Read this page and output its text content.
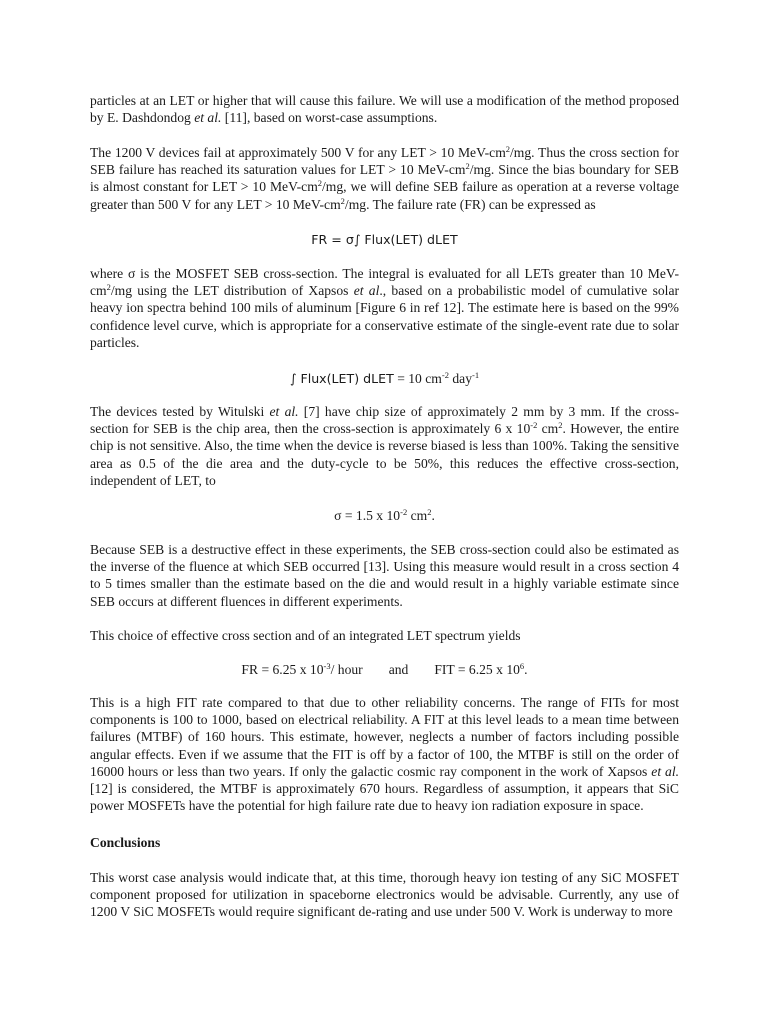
particles at an LET or higher that will cause this failure. We will use a modification of the method proposed by E. Dashdondog et al. [11], based on worst-case assumptions.

The 1200 V devices fail at approximately 500 V for any LET > 10 MeV-$cm^2/mg$. Thus the cross section for SEB failure has reached its saturation values for LET > 10 MeV-$cm^2/mg$. Since the bias boundary for SEB is almost constant for LET > 10 MeV-$cm^2/mg$, we will define SEB failure as operation at a reverse voltage greater than 500 V for any LET > 10 MeV-$cm^2/mg$. The failure rate (FR) can be expressed as

FR = σ∫ Flux(LET) dLET

where σ is the MOSFET SEB cross-section. The integral is evaluated for all LETs greater than 10 MeV-$cm^2/mg$ using the LET distribution of Xapsos et al., based on a probabilistic model of cumulative solar heavy ion spectra behind 100 mils of aluminum [Figure 6 in ref 12]. The estimate here is based on the 99% confidence level curve, which is appropriate for a conservative estimate of the single-event rate due to solar particles.

∫ Flux(LET) dLET = 10 $cm^{-2}$ day$^{-1}$

The devices tested by Witulski et al. [7] have chip size of approximately 2 mm by 3 mm. If the cross-section for SEB is the chip area, then the cross-section is approximately 6 x $10^{-2}$ $cm^2$. However, the entire chip is not sensitive. Also, the time when the device is reverse biased is less than 100%. Taking the sensitive area as 0.5 of the die area and the duty-cycle to be 50%, this reduces the effective cross-section, independent of LET, to

σ = 1.5 x $10^{-2}$ $cm^2$.

Because SEB is a destructive effect in these experiments, the SEB cross-section could also be estimated as the inverse of the fluence at which SEB occurred [13]. Using this measure would result in a cross section 4 to 5 times smaller than the estimate based on the die and would result in a highly variable estimate since SEB occurs at different fluences in different experiments.

This choice of effective cross section and of an integrated LET spectrum yields

FR = 6.25 x $10^{-3}/$ hour and FIT = 6.25 x $10^6$.

This is a high FIT rate compared to that due to other reliability concerns. The range of FITs for most components is 100 to 1000, based on electrical reliability. A FIT at this level leads to a mean time between failures (MTBF) of 160 hours. This estimate, however, neglects a number of factors including possible angular effects. Even if we assume that the FIT is off by a factor of 100, the MTBF is still on the order of 16000 hours or less than two years. If only the galactic cosmic ray component in the work of Xapsos et al. [12] is considered, the MTBF is approximately 670 hours. Regardless of assumption, it appears that SiC power MOSFETs have the potential for high failure rate due to heavy ion radiation exposure in space.

Conclusions

This worst case analysis would indicate that, at this time, thorough heavy ion testing of any SiC MOSFET component proposed for utilization in spaceborne electronics would be advisable. Currently, any use of 1200 V SiC MOSFETs would require significant de-rating and use under 500 V. Work is underway to more
